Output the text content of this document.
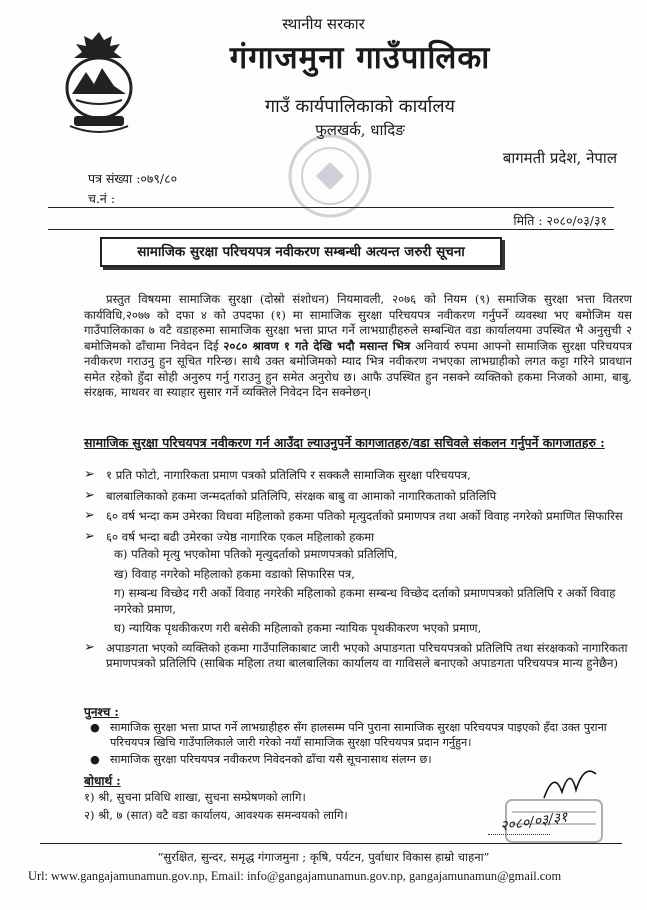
स्थानीय सरकार
गंगाजमुना गाउँपालिका
गाउँ कार्यपालिकाको कार्यालय
फुलखर्क, धादिङ
बागमती प्रदेश, नेपाल
पत्र संख्या :०७९/८०
च.नं :
मिति : २०८०/०३/३१
सामाजिक सुरक्षा परिचयपत्र नवीकरण सम्बन्धी अत्यन्त जरुरी सूचना
प्रस्तुत विषयमा सामाजिक सुरक्षा (दोस्रो संशोधन) नियमावली, २०७६ को नियम (९) समाजिक सुरक्षा भत्ता वितरण कार्यविधि,२०७७ को दफा ४ को उपदफा (१) मा सामाजिक सुरक्षा परिचयपत्र नवीकरण गर्नुपर्ने व्यवस्था भए बमोजिम यस गाउँपालिकाका ७ वटै वडाहरुमा सामाजिक सुरक्षा भत्ता प्राप्त गर्ने लाभग्राहीहरुले सम्बन्धित वडा कार्यालयमा उपस्थित भै अनुसुची २ बमोजिमको ढाँचामा निवेदन दिई २०८० श्रावण १ गते देखि भदौ मसान्त भित्र अनिवार्य रुपमा आफ्नो सामाजिक सुरक्षा परिचयपत्र नवीकरण गराउनु हुन सूचित गरिन्छ। साथै उक्त बमोजिमको म्याद भित्र नवीकरण नभएका लाभग्राहीको लगत कट्टा गरिने प्रावधान समेत रहेको हुँदा सोही अनुरुप गर्नु गराउनु हुन समेत अनुरोध छ। आफै उपस्थित हुन नसक्ने व्यक्तिको हकमा निजको आमा, बाबु, संरक्षक, माथवर वा स्याहार सुसार गर्ने व्यक्तिले निवेदन दिन सक्नेछन्।
सामाजिक सुरक्षा परिचयपत्र नवीकरण गर्न आउँदा ल्याउनुपर्ने कागजातहरु/वडा सचिवले संकलन गर्नुपर्ने कागजातहरु :
➢ १ प्रति फोटो, नागारिकता प्रमाण पत्रको प्रतिलिपि र सक्कलै सामाजिक सुरक्षा परिचयपत्र,
➢ बालबालिकाको हकमा जन्मदर्ताको प्रतिलिपि, संरक्षक बाबु वा आमाको नागारिकताको प्रतिलिपि
➢ ६० वर्ष भन्दा कम उमेरका विधवा महिलाको हकमा पतिको मृत्युदर्ताको प्रमाणपत्र तथा अर्को विवाह नगरेको प्रमाणित सिफारिस
➢ ६० वर्ष भन्दा बढी उमेरका ज्येष्ठ नागारिक एकल महिलाको हकमा
क) पतिको मृत्यु भएकोमा पतिको मृत्युदर्ताको प्रमाणपत्रको प्रतिलिपि,
ख) विवाह नगरेको महिलाको हकमा वडाको सिफारिस पत्र,
ग) सम्बन्ध विच्छेद गरी अर्को विवाह नगरेकी महिलाको हकमा सम्बन्ध विच्छेद दर्ताको प्रमाणपत्रको प्रतिलिपि र अर्को विवाह नगरेको प्रमाण,
घ) न्यायिक पृथकीकरण गरी बसेकी महिलाको हकमा न्यायिक पृथकीकरण भएको प्रमाण,
➢ अपाङगता भएको व्यक्तिको हकमा गाउँपालिकाबाट जारी भएको अपाङगता परिचयपत्रको प्रतिलिपि तथा संरक्षकको नागारिकता प्रमाणपत्रको प्रतिलिपि (साबिक महिला तथा बालबालिका कार्यालय वा गाविसले बनाएको अपाङगता परिचयपत्र मान्य हुनेछैन)
पुनश्च :
● सामाजिक सुरक्षा भत्ता प्राप्त गर्ने लाभग्राहीहरु सँग हालसम्म पनि पुराना सामाजिक सुरक्षा परिचयपत्र पाइएको हँदा उक्त पुराना परिचयपत्र खिचि गाउँपालिकाले जारी गरेको नयाँ सामाजिक सुरक्षा परिचयपत्र प्रदान गर्नुहुन।
● सामाजिक सुरक्षा परिचयपत्र नवीकरण निवेदनको ढाँचा यसै सूचनासाथ संलग्न छ।
बोधार्थ :
१) श्री, सुचना प्रविधि शाखा, सुचना सम्प्रेषणको लागि।
२) श्री, ७ (सात) वटै वडा कार्यालय, आवश्यक समन्वयको लागि।	२०८०/०३/३१
“सुरक्षित, सुन्दर, समृद्ध गंगाजमुना ; कृषि, पर्यटन, पुर्वाधार विकास हाम्रो चाहना”
Url: www.gangajamunamun.gov.np, Email: info@gangajamunamun.gov.np, gangajamunamun@gmail.com
